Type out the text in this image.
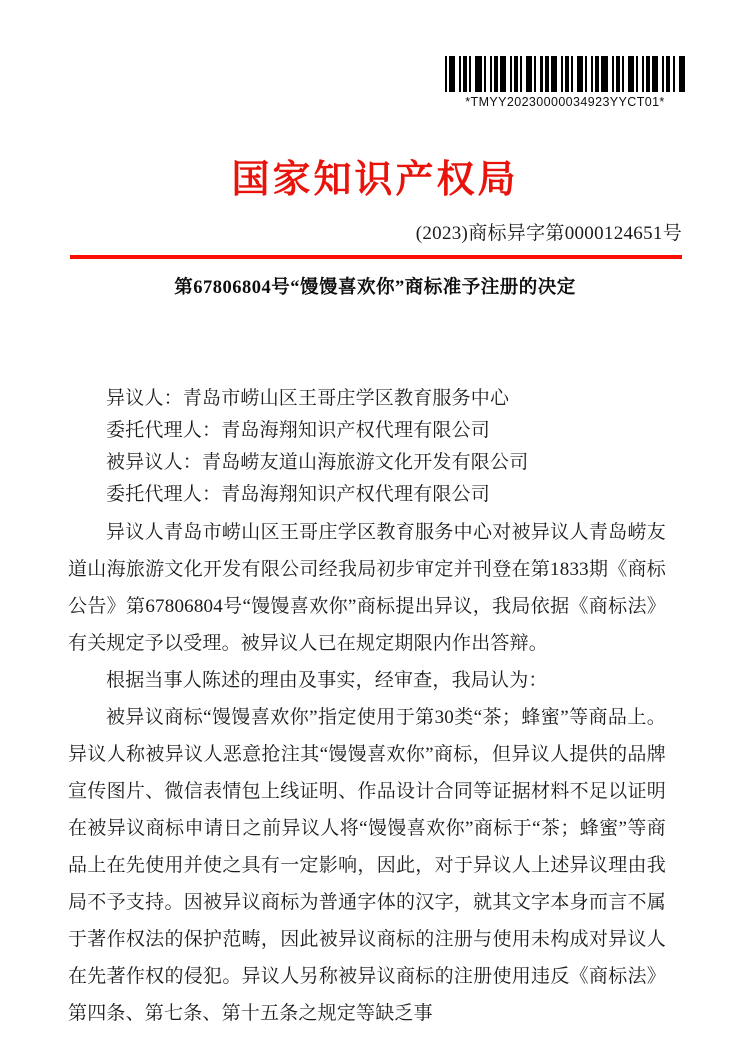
*TMYY20230000034923YYCT01*
国家知识产权局
(2023)商标异字第0000124651号
第67806804号“馒馒喜欢你”商标准予注册的决定
异议人：青岛市崂山区王哥庄学区教育服务中心
委托代理人：青岛海翔知识产权代理有限公司
被异议人：青岛崂友道山海旅游文化开发有限公司
委托代理人：青岛海翔知识产权代理有限公司

异议人青岛市崂山区王哥庄学区教育服务中心对被异议人青岛崂友道山海旅游文化开发有限公司经我局初步审定并刊登在第1833期《商标公告》第67806804号“馒馒喜欢你”商标提出异议，我局依据《商标法》有关规定予以受理。被异议人已在规定期限内作出答辩。

根据当事人陈述的理由及事实，经审查，我局认为：

被异议商标“馒馒喜欢你”指定使用于第30类“茶；蜂蜜”等商品上。异议人称被异议人恶意抢注其“馒馒喜欢你”商标，但异议人提供的品牌宣传图片、微信表情包上线证明、作品设计合同等证据材料不足以证明在被异议商标申请日之前异议人将“馒馒喜欢你”商标于“茶；蜂蜜”等商品上在先使用并使之具有一定影响，因此，对于异议人上述异议理由我局不予支持。因被异议商标为普通字体的汉字，就其文字本身而言不属于著作权法的保护范畴，因此被异议商标的注册与使用未构成对异议人在先著作权的侵犯。异议人另称被异议商标的注册使用违反《商标法》第四条、第七条、第十五条之规定等缺乏事
